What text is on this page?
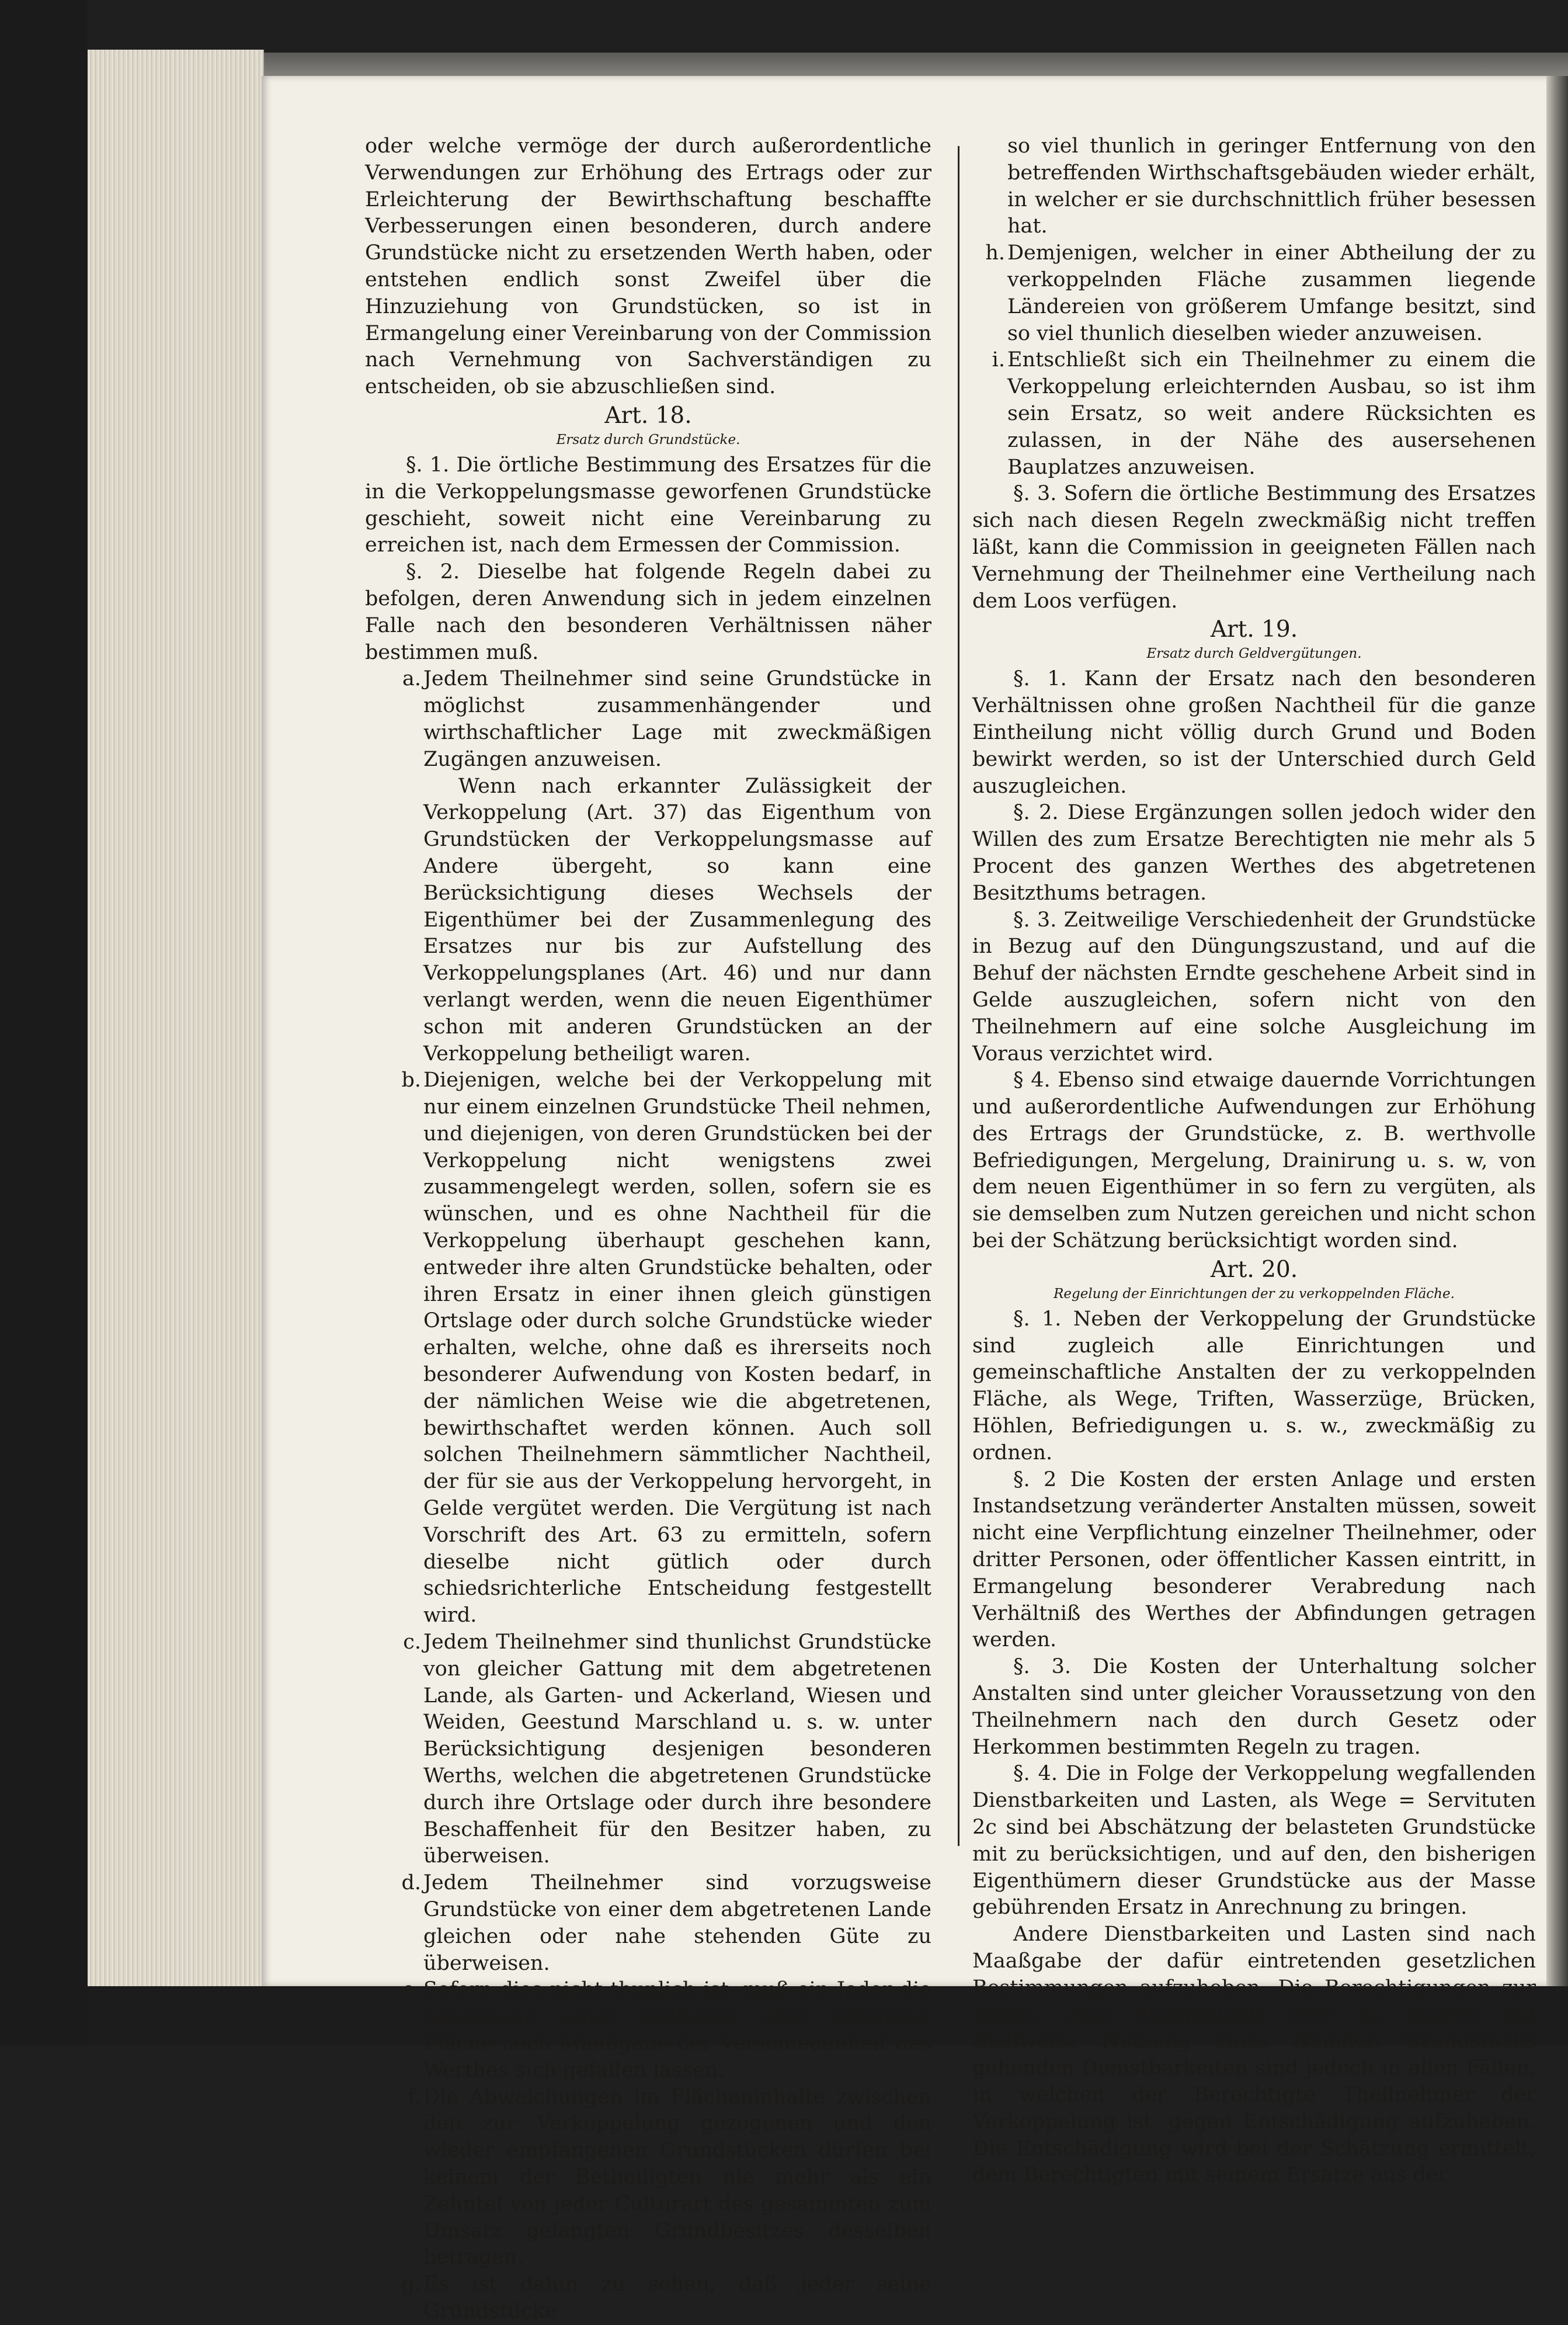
oder welche vermöge der durch außerordentliche Verwendungen zur Erhöhung des Ertrags oder zur Erleichterung der Bewirthschaftung beschaffte Verbesserungen einen besonderen, durch andere Grundstücke nicht zu ersetzenden Werth haben, oder entstehen endlich sonst Zweifel über die Hinzuziehung von Grundstücken, so ist in Ermangelung einer Vereinbarung von der Commission nach Vernehmung von Sachverständigen zu entscheiden, ob sie abzuschließen sind.

Art. 18.

Ersatz durch Grundstücke.

§. 1. Die örtliche Bestimmung des Ersatzes für die in die Verkoppelungsmasse geworfenen Grundstücke geschieht, soweit nicht eine Vereinbarung zu erreichen ist, nach dem Ermessen der Commission.

§. 2. Dieselbe hat folgende Regeln dabei zu befolgen, deren Anwendung sich in jedem einzelnen Falle nach den besonderen Verhältnissen näher bestimmen muß.

a. Jedem Theilnehmer sind seine Grundstücke in möglichst zusammenhängender und wirthschaftlicher Lage mit zweckmäßigen Zugängen anzuweisen.

Wenn nach erkannter Zulässigkeit der Verkoppelung (Art. 37) das Eigenthum von Grundstücken der Verkoppelungsmasse auf Andere übergeht, so kann eine Berücksichtigung dieses Wechsels der Eigenthümer bei der Zusammenlegung des Ersatzes nur bis zur Aufstellung des Verkoppelungsplanes (Art. 46) und nur dann verlangt werden, wenn die neuen Eigenthümer schon mit anderen Grundstücken an der Verkoppelung betheiligt waren.

b. Diejenigen, welche bei der Verkoppelung mit nur einem einzelnen Grundstücke Theil nehmen, und diejenigen, von deren Grundstücken bei der Verkoppelung nicht wenigstens zwei zusammengelegt werden, sollen, sofern sie es wünschen, und es ohne Nachtheil für die Verkoppelung überhaupt geschehen kann, entweder ihre alten Grundstücke behalten, oder ihren Ersatz in einer ihnen gleich günstigen Ortslage oder durch solche Grundstücke wieder erhalten, welche, ohne daß es ihrerseits noch besonderer Aufwendung von Kosten bedarf, in der nämlichen Weise wie die abgetretenen, bewirthschaftet werden können. Auch soll solchen Theilnehmern sämmtlicher Nachtheil, der für sie aus der Verkoppelung hervorgeht, in Gelde vergütet werden. Die Vergütung ist nach Vorschrift des Art. 63 zu ermitteln, sofern dieselbe nicht gütlich oder durch schiedsrichterliche Entscheidung festgestellt wird.
c. Jedem Theilnehmer sind thunlichst Grundstücke von gleicher Gattung mit dem abgetretenen Lande, als Garten- und Ackerland, Wiesen und Weiden, Geestund Marschland u. s. w. unter Berücksichtigung desjenigen besonderen Werths, welchen die abgetretenen Grundstücke durch ihre Ortslage oder durch ihre besondere Beschaffenheit für den Besitzer haben, zu überweisen.
d. Jedem Theilnehmer sind vorzugsweise Grundstücke von einer dem abgetretenen Lande gleichen oder nahe stehenden Güte zu überweisen.
e. Sofern dies nicht thunlich ist, muß ein Jeder die Anweisung einer größeren oder kleineren Fläche nach Maaßgabe der Verschiedenheit des Werthes sich gefallen lassen.
f. Die Abweichungen im Flächeninhalte zwischen den zur Verkoppelung gezogenen und den wieder empfangenen Grundstücken dürfen bei keinem der Betheiligten nie mehr als ein Zehntel von jeder Culturart des gesammten zum Umsatz gelangten Grundbesitzes desselben betragen.
g. Es ist dahin zu sehen, daß jeder seine Grundstücke

so viel thunlich in geringer Entfernung von den betreffenden Wirthschaftsgebäuden wieder erhält, in welcher er sie durchschnittlich früher besessen hat.

h. Demjenigen, welcher in einer Abtheilung der zu verkoppelnden Fläche zusammen liegende Ländereien von größerem Umfange besitzt, sind so viel thunlich dieselben wieder anzuweisen.
i. Entschließt sich ein Theilnehmer zu einem die Verkoppelung erleichternden Ausbau, so ist ihm sein Ersatz, so weit andere Rücksichten es zulassen, in der Nähe des ausersehenen Bauplatzes anzuweisen.

§. 3. Sofern die örtliche Bestimmung des Ersatzes sich nach diesen Regeln zweckmäßig nicht treffen läßt, kann die Commission in geeigneten Fällen nach Vernehmung der Theilnehmer eine Vertheilung nach dem Loos verfügen.

Art. 19.

Ersatz durch Geldvergütungen.

§. 1. Kann der Ersatz nach den besonderen Verhältnissen ohne großen Nachtheil für die ganze Eintheilung nicht völlig durch Grund und Boden bewirkt werden, so ist der Unterschied durch Geld auszugleichen.

§. 2. Diese Ergänzungen sollen jedoch wider den Willen des zum Ersatze Berechtigten nie mehr als 5 Procent des ganzen Werthes des abgetretenen Besitzthums betragen.

§. 3. Zeitweilige Verschiedenheit der Grundstücke in Bezug auf den Düngungszustand, und auf die Behuf der nächsten Erndte geschehene Arbeit sind in Gelde auszugleichen, sofern nicht von den Theilnehmern auf eine solche Ausgleichung im Voraus verzichtet wird.

§ 4. Ebenso sind etwaige dauernde Vorrichtungen und außerordentliche Aufwendungen zur Erhöhung des Ertrags der Grundstücke, z. B. werthvolle Befriedigungen, Mergelung, Drainirung u. s. w, von dem neuen Eigenthümer in so fern zu vergüten, als sie demselben zum Nutzen gereichen und nicht schon bei der Schätzung berücksichtigt worden sind.

Art. 20.

Regelung der Einrichtungen der zu verkoppelnden Fläche.

§. 1. Neben der Verkoppelung der Grundstücke sind zugleich alle Einrichtungen und gemeinschaftliche Anstalten der zu verkoppelnden Fläche, als Wege, Triften, Wasserzüge, Brücken, Höhlen, Befriedigungen u. s. w., zweckmäßig zu ordnen.

§. 2 Die Kosten der ersten Anlage und ersten Instandsetzung veränderter Anstalten müssen, soweit nicht eine Verpflichtung einzelner Theilnehmer, oder dritter Personen, oder öffentlicher Kassen eintritt, in Ermangelung besonderer Verabredung nach Verhältniß des Werthes der Abfindungen getragen werden.

§. 3. Die Kosten der Unterhaltung solcher Anstalten sind unter gleicher Voraussetzung von den Theilnehmern nach den durch Gesetz oder Herkommen bestimmten Regeln zu tragen.

§. 4. Die in Folge der Verkoppelung wegfallenden Dienstbarkeiten und Lasten, als Wege = Servituten 2c sind bei Abschätzung der belasteten Grundstücke mit zu berücksichtigen, und auf den, den bisherigen Eigenthümern dieser Grundstücke aus der Masse gebührenden Ersatz in Anrechnung zu bringen.

Andere Dienstbarkeiten und Lasten sind nach Maaßgabe der dafür eintretenden gesetzlichen Bestimmungen aufzuheben. Die Berechtigungen zur Weide, zum Plaggenhieb oder zu andern auf theilweise Nutzung eines fremden Grundstücks gehenden Dienstbarkeiten sind jedoch in allen Fällen, in welchen der Berechtigte Theilnehmer der Verkoppelung ist, gegen Entschädigung aufzuheben. Die Entschädigung wird bei der Schätzung ermittelt, dem Berechtigten mit seinem Ersatze aus der
